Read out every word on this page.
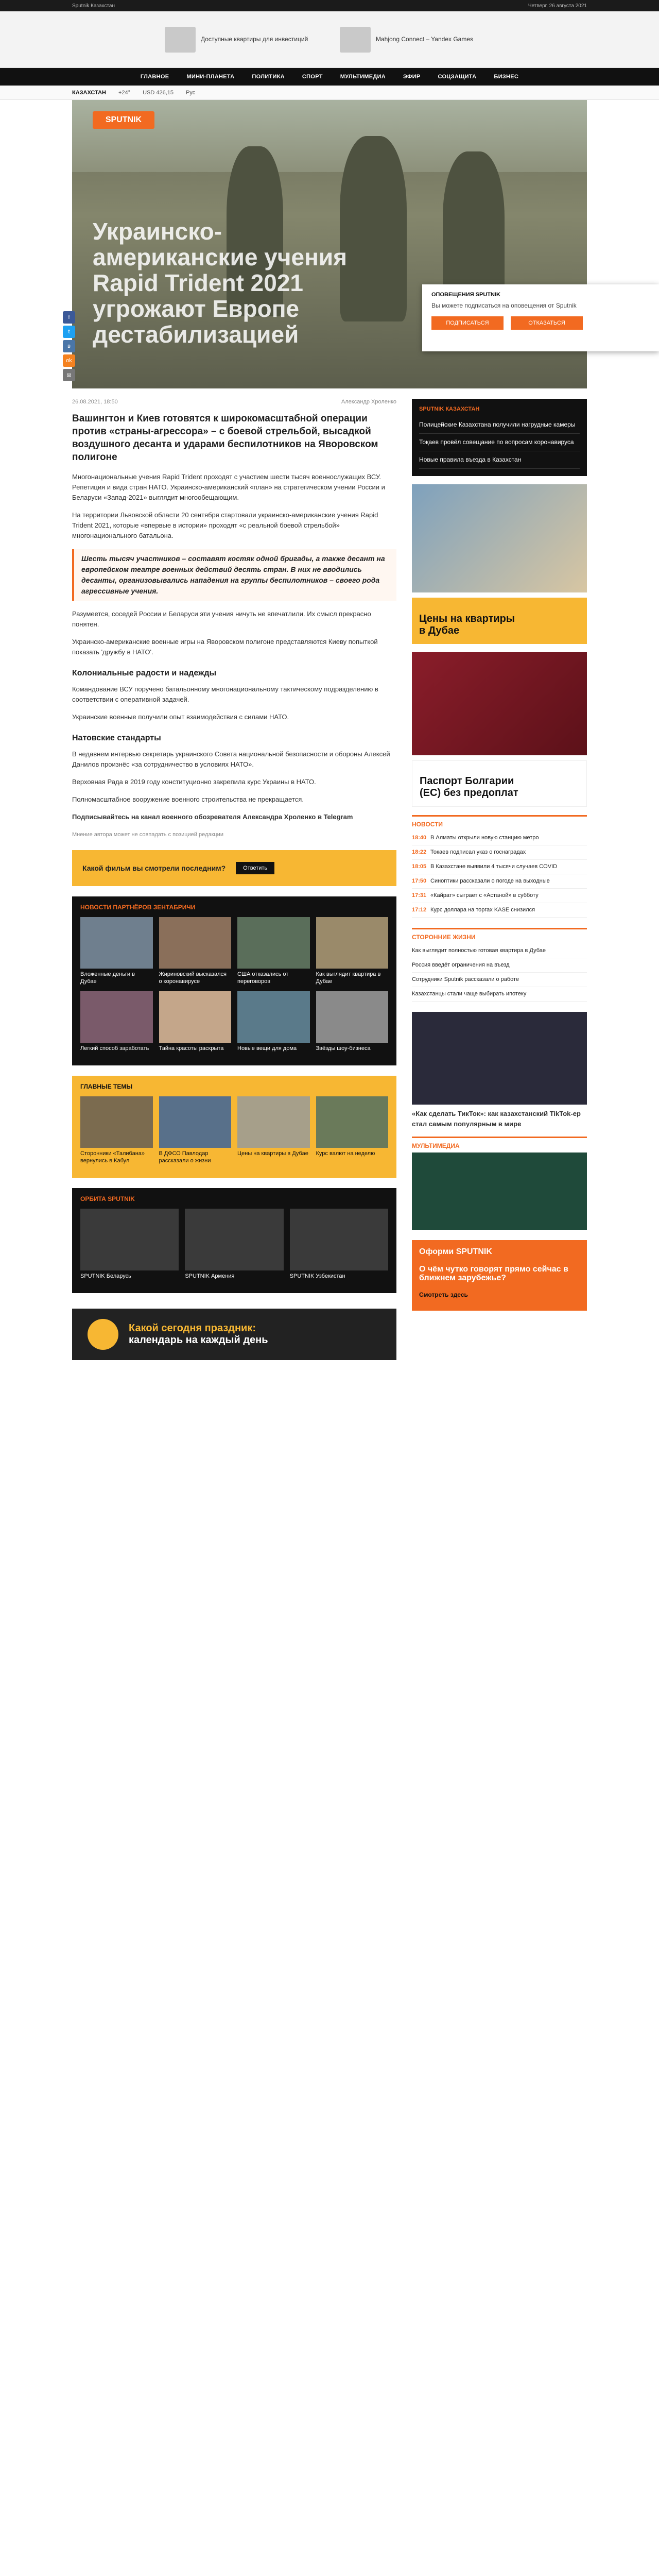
Sputnik Казахстан	Четверг, 26 августа 2021
Доступные квартиры для инвестиций	Mahjong Connect – Yandex Games
ГЛАВНОЕ	МИНИ-ПЛАНЕТА	ПОЛИТИКА	СПОРТ	МУЛЬТИМЕДИА	ЭФИР	СОЦЗАЩИТА	БИЗНЕС
КАЗАХСТАН +24° USD 426,15 Рус
ОПОВЕЩЕНИЯ SPUTNIK

Вы можете подписаться на оповещения от Sputnik

ПОДПИСАТЬСЯ	ОТКАЗАТЬСЯ
SPUTNIK
Украинско-американские учения Rapid Trident 2021 угрожают Европе дестабилизацией
f
t
в
ok
✉
26.08.2021, 18:50	Александр Хроленко
Вашингтон и Киев готовятся к широкомасштабной операции против «страны-агрессора» – с боевой стрельбой, высадкой воздушного десанта и ударами беспилотников на Яворовском полигоне

Многонациональные учения Rapid Trident проходят с участием шести тысяч военнослужащих ВСУ. Репетиция и вида стран НАТО. Украинско-американский «план» на стратегическом учении России и Беларуси «Запад-2021» выглядит многообещающим.

На территории Львовской области 20 сентября стартовали украинско-американские учения Rapid Trident 2021, которые «впервые в истории» проходят «с реальной боевой стрельбой» многонационального батальона.

Шесть тысяч участников – составят костяк одной бригады, а также десант на европейском театре военных действий десять стран. В них не вводились десанты, организовывались нападения на группы беспилотников – своего рода агрессивные учения.

Разумеется, соседей России и Беларуси эти учения ничуть не впечатлили. Их смысл прекрасно понятен.

Украинско-американские военные игры на Яворовском полигоне представляются Киеву попыткой показать 'дружбу в НАТО'.

Колониальные радости и надежды

Командование ВСУ поручено батальонному многонациональному тактическому подразделению в соответствии с оперативной задачей.

Украинские военные получили опыт взаимодействия с силами НАТО.

Натовские стандарты

В недавнем интервью секретарь украинского Совета национальной безопасности и обороны Алексей Данилов произнёс «за сотрудничество в условиях НАТО».

Верховная Рада в 2019 году конституционно закрепила курс Украины в НАТО.

Полномасштабное вооружение военного строительства не прекращается.

Подписывайтесь на канал военного обозревателя Александра Хроленко в Telegram

Мнение автора может не совпадать с позицией редакции

Какой фильм вы смотрели последним?	Ответить
НОВОСТИ ПАРТНЁРОВ ЗЕНТАБРИЧИ
Вложенные деньги в Дубае
Жириновский высказался о коронавирусе
США отказались от переговоров
Как выглядит квартира в Дубае
Легкий способ заработать	Тайна красоты раскрыта	Новые вещи для дома	Звёзды шоу-бизнеса
ГЛАВНЫЕ ТЕМЫ
Сторонники «Талибана» вернулись в Кабул
В ДФСО Павлодар рассказали о жизни
Цены на квартиры в Дубае Курс валют на неделю
ОРБИТА SPUTNIK
SPUTNIK Беларусь	SPUTNIK Армения	SPUTNIK Узбекистан
Какой сегодня праздник:
календарь на каждый день
SPUTNIK КАЗАХСТАН
Полицейские Казахстана получили нагрудные камеры
Тоқаев провёл совещание по вопросам коронавируса
Новые правила въезда в Казахстан
Цены на квартиры в Дубае
Паспорт Болгарии (ЕС) без предоплат
НОВОСТИ
18:40 В Алматы открыли новую станцию метро
18:22 Токаев подписал указ о госнаградах
18:05 В Казахстане выявили 4 тысячи случаев COVID
17:50 Синоптики рассказали о погоде на выходные
17:31 «Кайрат» сыграет с «Астаной» в субботу
17:12 Курс доллара на торгах KASE снизился
СТОРОННИЕ ЖИЗНИ
Как выглядит полностью готовая квартира в Дубае
Россия введёт ограничения на въезд
Сотрудники Sputnik рассказали о работе
Казахстанцы стали чаще выбирать ипотеку

«Как сделать ТикТок»: как казахстанский TikTok-ер стал самым популярным в мире

МУЛЬТИМЕДИА
Оформи SPUTNIK
О чём чутко говорят прямо сейчас в ближнем зарубежье?
Смотреть здесь
